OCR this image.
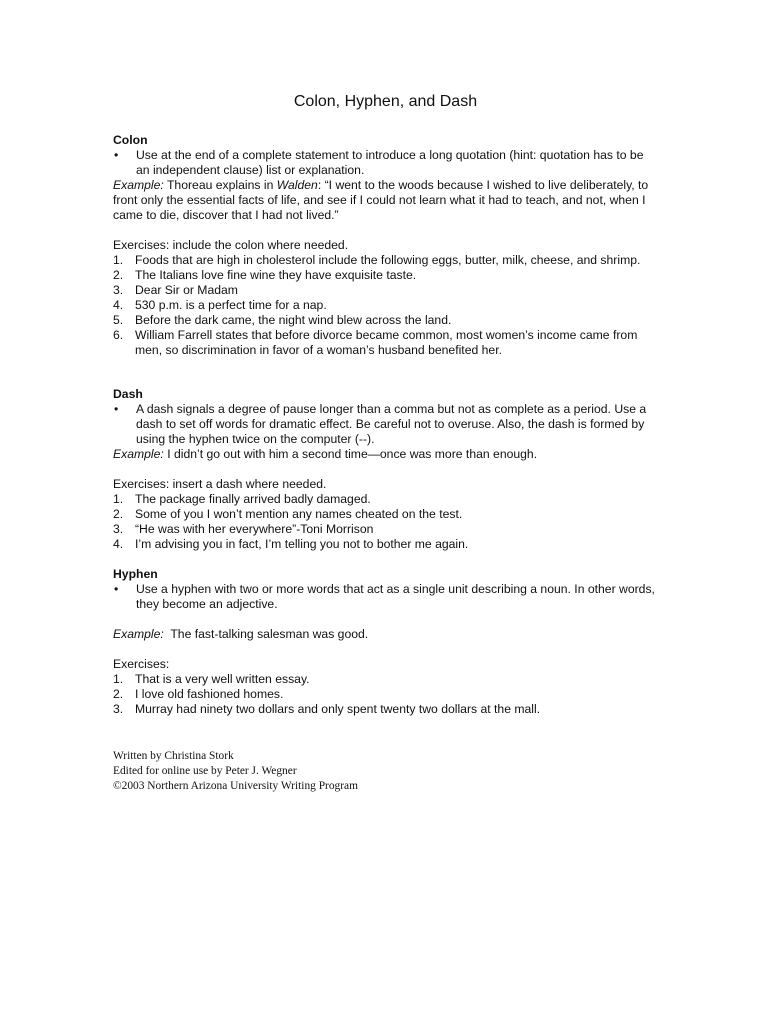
Colon, Hyphen, and Dash
Colon
•	Use at the end of a complete statement to introduce a long quotation (hint: quotation has to be an independent clause) list or explanation.
Example: Thoreau explains in Walden: “I went to the woods because I wished to live deliberately, to front only the essential facts of life, and see if I could not learn what it had to teach, and not, when I came to die, discover that I had not lived.”
Exercises: include the colon where needed.
1. Foods that are high in cholesterol include the following eggs, butter, milk, cheese, and shrimp.
2. The Italians love fine wine they have exquisite taste.
3. Dear Sir or Madam
4. 530 p.m. is a perfect time for a nap.
5. Before the dark came, the night wind blew across the land.
6. William Farrell states that before divorce became common, most women’s income came from men, so discrimination in favor of a woman’s husband benefited her.
Dash
•	A dash signals a degree of pause longer than a comma but not as complete as a period. Use a dash to set off words for dramatic effect. Be careful not to overuse. Also, the dash is formed by using the hyphen twice on the computer (--).
Example: I didn’t go out with him a second time—once was more than enough.
Exercises: insert a dash where needed.
1. The package finally arrived badly damaged.
2. Some of you I won’t mention any names cheated on the test.
3. “He was with her everywhere”-Toni Morrison
4. I’m advising you in fact, I’m telling you not to bother me again.
Hyphen
•	Use a hyphen with two or more words that act as a single unit describing a noun. In other words, they become an adjective.
Example:  The fast-talking salesman was good.
Exercises:
1. That is a very well written essay.
2. I love old fashioned homes.
3. Murray had ninety two dollars and only spent twenty two dollars at the mall.
Written by Christina Stork
Edited for online use by Peter J. Wegner
©2003 Northern Arizona University Writing Program
